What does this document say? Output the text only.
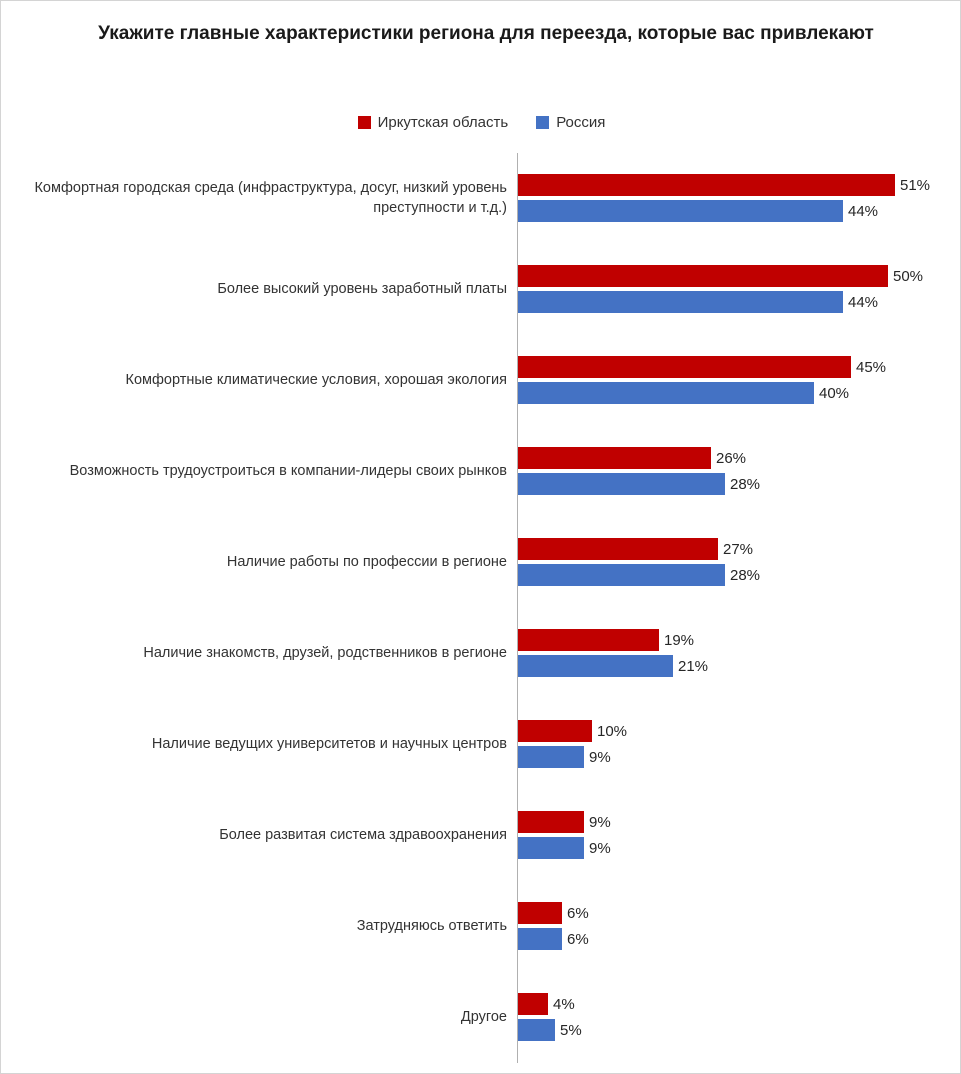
Укажите главные характеристики региона для переезда, которые вас привлекают
Иркутская область	Россия
Комфортная городская среда (инфраструктура, досуг, низкий уровень преступности и т.д.)
51%
44%
Более высокий уровень заработный платы
50%
44%
Комфортные климатические условия, хорошая экология
45%
40%
Возможность трудоустроиться в компании-лидеры своих рынков
26%
28%
Наличие работы по профессии в регионе
27%
28%
Наличие знакомств, друзей, родственников в регионе
19%
21%
Наличие ведущих университетов и научных центров
10%
9%
Более развитая система здравоохранения
9%
9%
Затрудняюсь ответить
6%
6%
Другое
4%
5%
